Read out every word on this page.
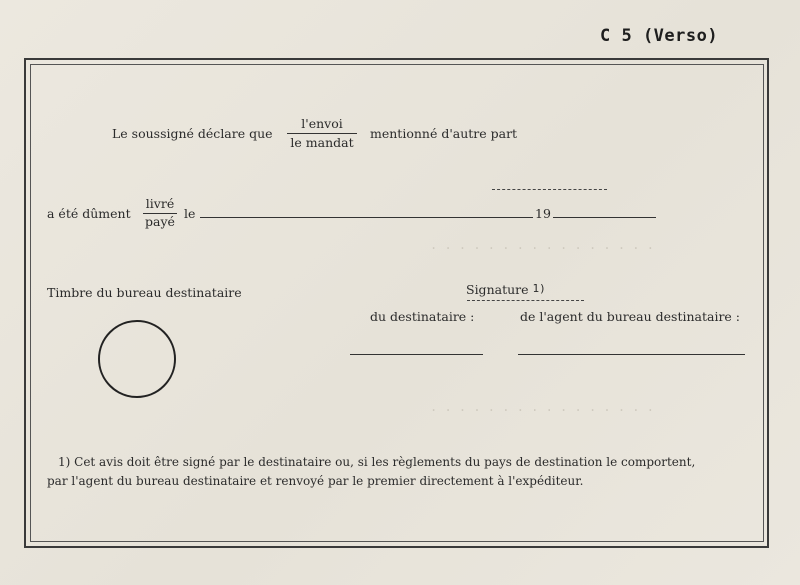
. . . . . . . . . . . . . . . .
. . . . . . . . . . . . . . . .
C 5 (Verso)
Le soussigné déclare que
l'envoi
le mandat
mentionné d'autre part
a été dûment
livré
payé
le	19
Timbre du bureau destinataire	Signature 1)
du destinataire :	de l'agent du bureau destinataire :
1) Cet avis doit être signé par le destinataire ou, si les règlements du pays de destination le comportent,
par l'agent du bureau destinataire et renvoyé par le premier directement à l'expéditeur.
